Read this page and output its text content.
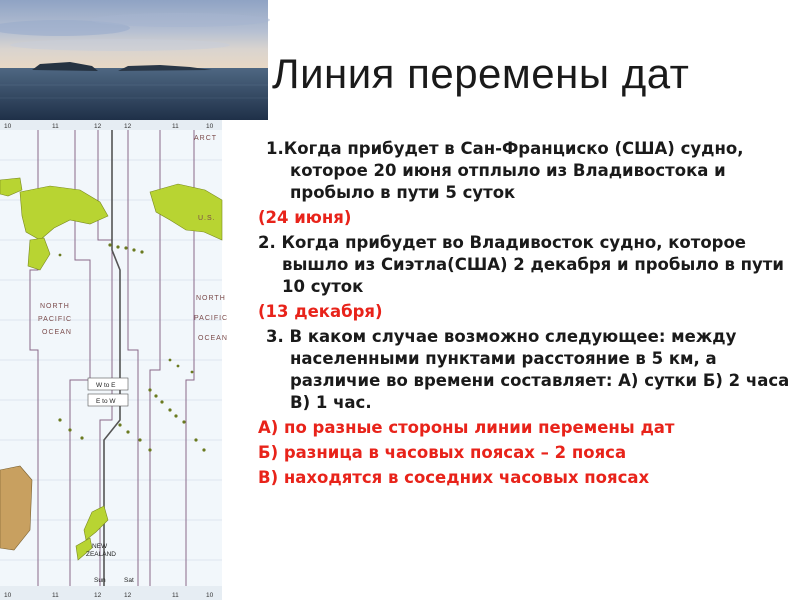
10	11	12	12	11	10
10	11	12	12	11	10
NORTH
PACIFIC
OCEAN
NORTH
PACIFIC
OCEAN
ARCT
U.S.
W to E
E to W
NEW
ZEALAND
Sun	Sat
Линия перемены дат

1.Когда прибудет в Сан-Франциско (США) судно, которое 20 июня отплыло из Владивостока и пробыло в пути 5 суток

(24 июня)

2. Когда прибудет во Владивосток судно, которое вышло из Сиэтла(США) 2 декабря и пробыло в пути 10 суток

(13 декабря)

3. В каком случае возможно следующее: между населенными пунктами расстояние в 5 км, а различие во времени составляет: А) сутки Б) 2 часа В) 1 час.

А) по разные стороны линии перемены дат

Б) разница в часовых поясах – 2 пояса

В) находятся в соседних часовых поясах
